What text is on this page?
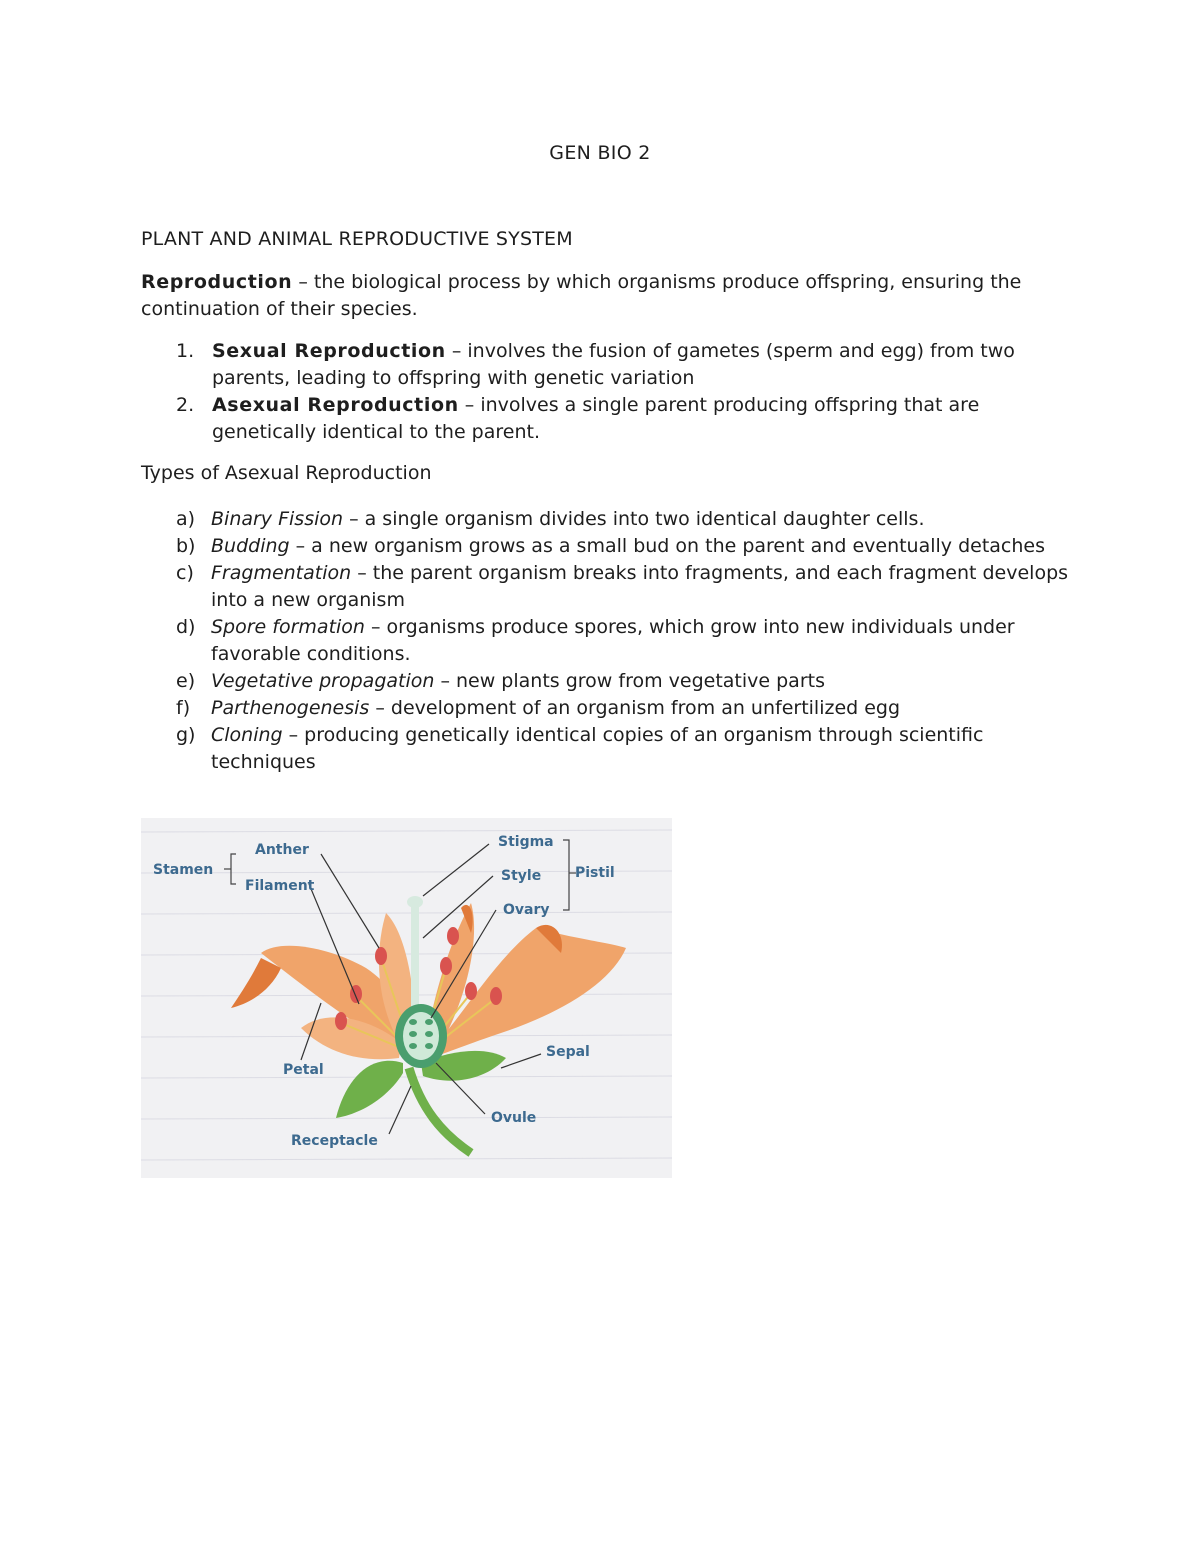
GEN BIO 2
PLANT AND ANIMAL REPRODUCTIVE SYSTEM
Reproduction – the biological process by which organisms produce offspring, ensuring the continuation of their species.
1. Sexual Reproduction – involves the fusion of gametes (sperm and egg) from two parents, leading to offspring with genetic variation
2. Asexual Reproduction – involves a single parent producing offspring that are genetically identical to the parent.
Types of Asexual Reproduction
a) Binary Fission – a single organism divides into two identical daughter cells.
b) Budding – a new organism grows as a small bud on the parent and eventually detaches
c) Fragmentation – the parent organism breaks into fragments, and each fragment develops into a new organism
d) Spore formation – organisms produce spores, which grow into new individuals under favorable conditions.
e) Vegetative propagation – new plants grow from vegetative parts
f) Parthenogenesis – development of an organism from an unfertilized egg
g) Cloning – producing genetically identical copies of an organism through scientific techniques
Stamen
Anther
Filament
Stigma
Style
Ovary
Pistil
Sepal
Petal
Ovule
Receptacle
